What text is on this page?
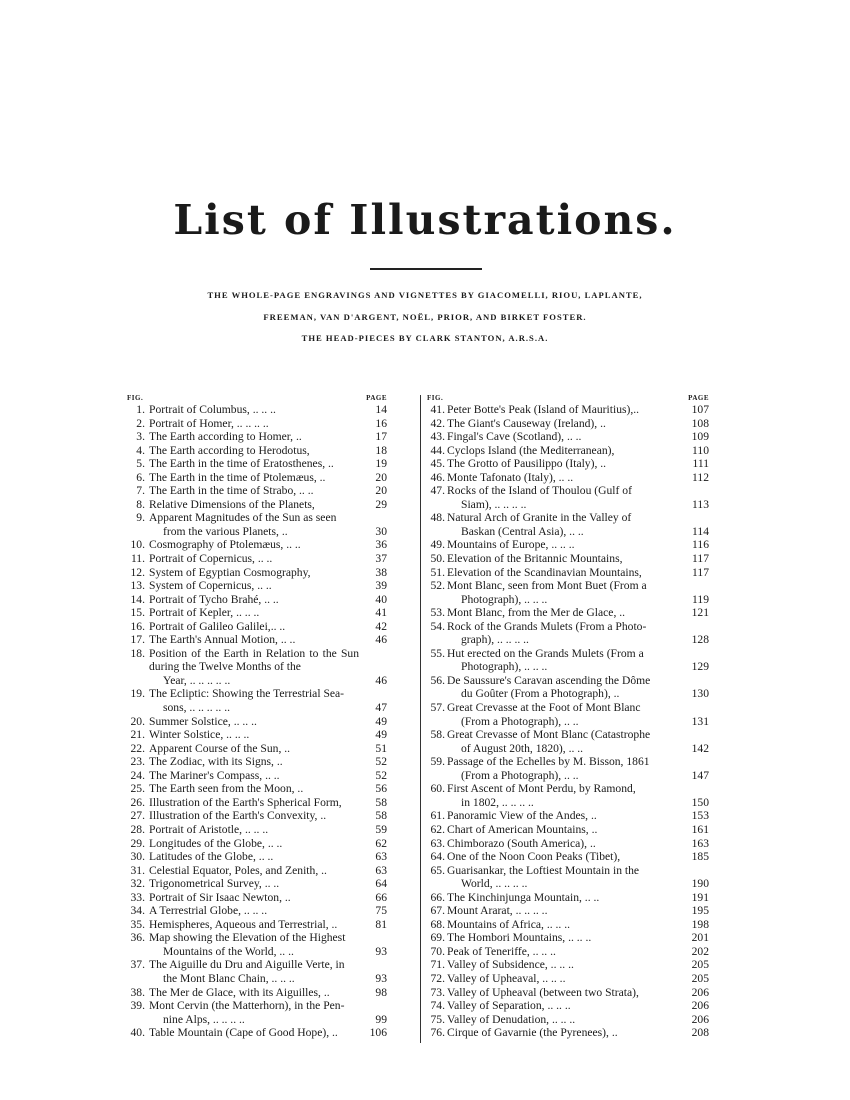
List of Illustrations.
THE WHOLE-PAGE ENGRAVINGS AND VIGNETTES BY GIACOMELLI, RIOU, LAPLANTE,
FREEMAN, VAN D'ARGENT, NOËL, PRIOR, AND BIRKET FOSTER.
THE HEAD-PIECES BY CLARK STANTON, A.R.S.A.
FIG.	PAGE
1. Portrait of Columbus, .. .. ..	14
2. Portrait of Homer, .. .. .. ..	16
3. The Earth according to Homer, ..	17
4. The Earth according to Herodotus,	18
5. The Earth in the time of Eratosthenes, ..	19
6. The Earth in the time of Ptolemæus, ..	20
7. The Earth in the time of Strabo, .. ..	20
8. Relative Dimensions of the Planets,	29
9. Apparent Magnitudes of the Sun as seen
from the various Planets, ..	30
10. Cosmography of Ptolemæus, .. ..	36
11. Portrait of Copernicus, .. ..	37
12. System of Egyptian Cosmography,	38
13. System of Copernicus, .. ..	39
14. Portrait of Tycho Brahé, .. ..	40
15. Portrait of Kepler, .. .. ..	41
16. Portrait of Galileo Galilei,.. ..	42
17. The Earth's Annual Motion, .. ..	46
18. Position of the Earth in Relation to the Sun during the Twelve Months of the
Year, .. .. .. .. ..	46
19. The Ecliptic: Showing the Terrestrial Sea-
sons, .. .. .. .. ..	47
20. Summer Solstice, .. .. ..	49
21. Winter Solstice, .. .. ..	49
22. Apparent Course of the Sun, ..	51
23. The Zodiac, with its Signs, ..	52
24. The Mariner's Compass, .. ..	52
25. The Earth seen from the Moon, ..	56
26. Illustration of the Earth's Spherical Form,	58
27. Illustration of the Earth's Convexity, ..	58
28. Portrait of Aristotle, .. .. ..	59
29. Longitudes of the Globe, .. ..	62
30. Latitudes of the Globe, .. ..	63
31. Celestial Equator, Poles, and Zenith, ..	63
32. Trigonometrical Survey, .. ..	64
33. Portrait of Sir Isaac Newton, ..	66
34. A Terrestrial Globe, .. .. ..	75
35. Hemispheres, Aqueous and Terrestrial, ..	81
36. Map showing the Elevation of the Highest
Mountains of the World, .. ..	93
37. The Aiguille du Dru and Aiguille Verte, in
the Mont Blanc Chain, .. .. ..	93
38. The Mer de Glace, with its Aiguilles, ..	98
39. Mont Cervin (the Matterhorn), in the Pen-
nine Alps, .. .. .. ..	99
40. Table Mountain (Cape of Good Hope), ..	106
FIG.	PAGE
41. Peter Botte's Peak (Island of Mauritius),..	107
42. The Giant's Causeway (Ireland), ..	108
43. Fingal's Cave (Scotland), .. ..	109
44. Cyclops Island (the Mediterranean),	110
45. The Grotto of Pausilippo (Italy), ..	111
46. Monte Tafonato (Italy), .. ..	112
47. Rocks of the Island of Thoulou (Gulf of
Siam), .. .. .. ..	113
48. Natural Arch of Granite in the Valley of
Baskan (Central Asia), .. ..	114
49. Mountains of Europe, .. .. ..	116
50. Elevation of the Britannic Mountains,	117
51. Elevation of the Scandinavian Mountains,	117
52. Mont Blanc, seen from Mont Buet (From a
Photograph), .. .. ..	119
53. Mont Blanc, from the Mer de Glace, ..	121
54. Rock of the Grands Mulets (From a Photo-
graph), .. .. .. ..	128
55. Hut erected on the Grands Mulets (From a
Photograph), .. .. ..	129
56. De Saussure's Caravan ascending the Dôme
du Goûter (From a Photograph), ..	130
57. Great Crevasse at the Foot of Mont Blanc
(From a Photograph), .. ..	131
58. Great Crevasse of Mont Blanc (Catastrophe
of August 20th, 1820), .. ..	142
59. Passage of the Echelles by M. Bisson, 1861
(From a Photograph), .. ..	147
60. First Ascent of Mont Perdu, by Ramond,
in 1802, .. .. .. ..	150
61. Panoramic View of the Andes, ..	153
62. Chart of American Mountains, ..	161
63. Chimborazo (South America), ..	163
64. One of the Noon Coon Peaks (Tibet),	185
65. Guarisankar, the Loftiest Mountain in the
World, .. .. .. ..	190
66. The Kinchinjunga Mountain, .. ..	191
67. Mount Ararat, .. .. .. ..	195
68. Mountains of Africa, .. .. ..	198
69. The Hombori Mountains, .. .. ..	201
70. Peak of Teneriffe, .. .. ..	202
71. Valley of Subsidence, .. .. ..	205
72. Valley of Upheaval, .. .. ..	205
73. Valley of Upheaval (between two Strata),	206
74. Valley of Separation, .. .. ..	206
75. Valley of Denudation, .. .. ..	206
76. Cirque of Gavarnie (the Pyrenees), ..	208
